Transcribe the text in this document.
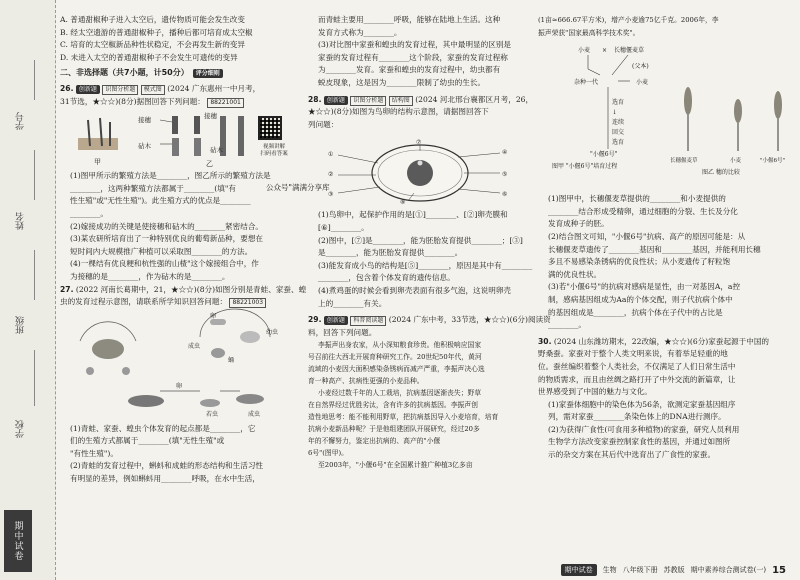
学号
姓名
班级
学校
期中试卷
A. 普通甜椒种子进入太空后，遗传物质可能会发生改变
B. 经太空遗游的普通甜椒种子，播种后都可培育成太空椒
C. 培育的太空椒新品种性状稳定，不会再发生新的变异
D. 未进入太空的普通甜椒种子不会发生可遗传的变异
二、非选择题（共7小题，计50分）	评分细则
26. 创新题 识图分析题 模式图 (2024 广东惠州一中月考，
31节选，★☆☆)(8分)据图回答下列问题： 88221001
接穗	接穗
砧木	砧木
甲	乙
视频讲解
扫码看答案
(1)图甲所示的繁殖方法是________，图乙所示的繁殖方法是
________，这两种繁殖方法都属于________(填"有
性生殖"或"无性生殖")。此生殖方式的优点是________
________。
(2)嫁接成功的关键是使接穗和砧木的________紧密结合。
(3)某农研所培育出了一种特别优良的葡萄新品种，要想在
短时间内大规模推广种植可以采取图________的方法。
(4)一棵结有优良粳和杭性强的山楂"这个嫁接组合中，作
为接穗的是________，作为砧木的是________。
27. (2022 河南长葛期中，21，★☆☆)(8分)如图分别是青蛙、家蚕、蝗
虫的发育过程示意图，请联系所学知识回答问题： 88221003
卵
幼虫
蛹
成虫
卵
若虫	成虫
(1)青蛙、家蚕、蝗虫个体发育的起点都是________，它
们的生殖方式都属于________(填"无性生殖"或
"有性生殖")。
(2)青蛙的发育过程中，蝌蚪和成蛙的形态结构和生活习性
有明显的差异，例如蝌蚪用________呼吸，在水中生活，
而青蛙主要用________呼吸，能够在陆地上生活。这种
发育方式称为________。
(3)对比图中家蚕和蝗虫的发育过程，其中最明显的区别是
家蚕的发育过程有________这个阶段，家蚕的发育过程称
为________发育。家蚕和蝗虫的发育过程中，幼虫都有
蜕皮现象，这是因为________限制了幼虫的生长。
28. 创新题 识图分析题 结构图 (2024 河北邢台襄都区月考，26，
★☆☆)(8分)如图为鸟卵的结构示意图，请据图回答下
列问题：
公众号"满满分享库
①
②
③
④
⑤
⑥
⑦
⑧
(1)鸟卵中，起保护作用的是[①]________、[②]卵壳膜和
[⑥]________。
(2)图中，[⑦]是________，能为胚胎发育提供________；[③]
是________，能为胚胎发育提供________。
(3)能发育成小鸟的结构是[⑤]________，原因是其中有________
________，包含着个体发育的遗传信息。
(4)煮鸡蛋的时候会看到卵壳表面有很多气泡，这说明卵壳
上的________有关。
29. 创新题 科普阅读题 (2024 广东中考，33节选，★☆☆)(6分)阅读资
料，回答下列问题。
李振声出身农家，从小深知粮食珍贵。他积极响应国家
号召前往大西北开展育种研究工作。20世纪50年代，黄河
流域的小麦因大面积感染条锈病而减产严重，李振声决心选
育一种高产、抗病性更强的小麦品种。
小麦经过数千年的人工栽培，抗病基因逐渐丧失；野草
在自然界经过优胜劣汰，含有许多的抗病基因。李振声创
造性地思考：能不能利用野草，把抗病基因导入小麦培育，培育
抗病小麦新品种呢？于是他组建团队开展研究，经过20多
年的不懈努力，鉴定出抗病的、高产的"小偃
6号"(图甲)。
至2003年，"小偃6号"在全国累计推广种植3亿多亩
(1亩≈666.67平方米)，增产小麦逾75亿千克。2006年，李
振声荣获"国家最高科学技术奖"。
小麦 × 长穗偃麦草
(父本)
杂种一代	小麦
选育
↓
连续
回交
选育
"小偃6号"
图甲 "小偃6号"培育过程
长穗偃麦草	小麦	"小偃6号"
图乙 穗的比较
(1)图甲中，长穗偃麦草提供的________和小麦提供的
________结合形成受精卵，通过细胞的分裂、生长及分化
发育成种子的胚。
(2)结合图文可知，"小偃6号"抗病、高产的原因可能是：从
长穗偃麦草遗传了________基因和________基因，并能利用长穗
多且不易感染条锈病的优良性状；从小麦遗传了籽粒饱
满的优良性状。
(3)若"小偃6号"的抗病对感病是显性，由一对基因A，a控
制，感病基因组成为Aa的个体交配，则子代抗病个体中
的基因组成是________，抗病个体在子代中的占比是
________。
30. (2024 山东潍坊期末，22改编，★☆☆)(6分)家蚕起源于中国的
野桑蚕。家蚕对于整个人类文明来说，有着举足轻重的地
位。蚕丝编织着整个人类社会，不仅满足了人们日常生活中
的物质需求，而且由丝绸之路打开了中外交流的新篇章，让
世界感受到了中国的魅力与文化。
(1)家蚕体细胞中的染色体为56条，欲测定家蚕基因组序
列，需对家蚕________条染色体上的DNA进行测序。
(2)为获得广食性(可食用多种植物)的家蚕，研究人员利用
生物学方法改变家蚕控制家食性的基因，并通过如图所
示的杂交方案在其后代中选育出了广食性的家蚕。
期中试卷	生物 八年级下册 苏教版 期中素养综合测试卷(一) 15
